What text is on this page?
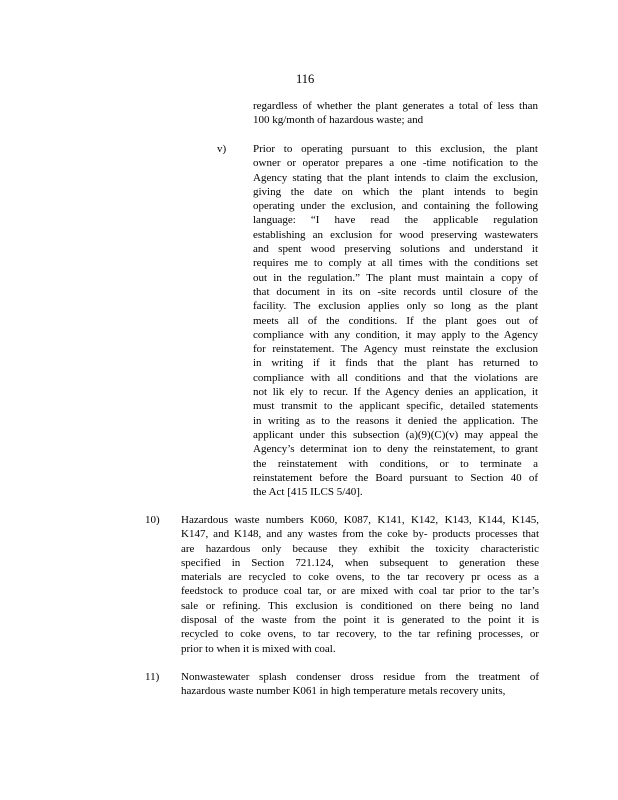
116
regardless of whether the plant generates a total of less than
100 kg/month of hazardous waste; and
v) Prior to operating pursuant to this exclusion, the plant
owner or operator prepares a one -time notification to the
Agency stating that the plant intends to claim the exclusion,
giving the date on which the plant intends to begin
operating under the exclusion, and containing the following
language: “I have read the applicable regulation
establishing an exclusion for wood preserving wastewaters
and spent wood preserving solutions and understand it
requires me to comply at all times with the conditions set
out in the regulation.” The plant must maintain a copy of
that document in its on -site records until closure of the
facility. The exclusion applies only so long as the plant
meets all of the conditions. If the plant goes out of
compliance with any condition, it may apply to the Agency
for reinstatement. The Agency must reinstate the exclusion
in writing if it finds that the plant has returned to
compliance with all conditions and that the violations are
not lik ely to recur. If the Agency denies an application, it
must transmit to the applicant specific, detailed statements
in writing as to the reasons it denied the application. The
applicant under this subsection (a)(9)(C)(v) may appeal the
Agency’s determinat ion to deny the reinstatement, to grant
the reinstatement with conditions, or to terminate a
reinstatement before the Board pursuant to Section 40 of
the Act [415 ILCS 5/40].
10) Hazardous waste numbers K060, K087, K141, K142, K143, K144, K145,
K147, and K148, and any wastes from the coke by- products processes that
are hazardous only because they exhibit the toxicity characteristic
specified in Section 721.124, when subsequent to generation these
materials are recycled to coke ovens, to the tar recovery pr ocess as a
feedstock to produce coal tar, or are mixed with coal tar prior to the tar’s
sale or refining. This exclusion is conditioned on there being no land
disposal of the waste from the point it is generated to the point it is
recycled to coke ovens, to tar recovery, to the tar refining processes, or
prior to when it is mixed with coal.
11) Nonwastewater splash condenser dross residue from the treatment of
hazardous waste number K061 in high temperature metals recovery units,
